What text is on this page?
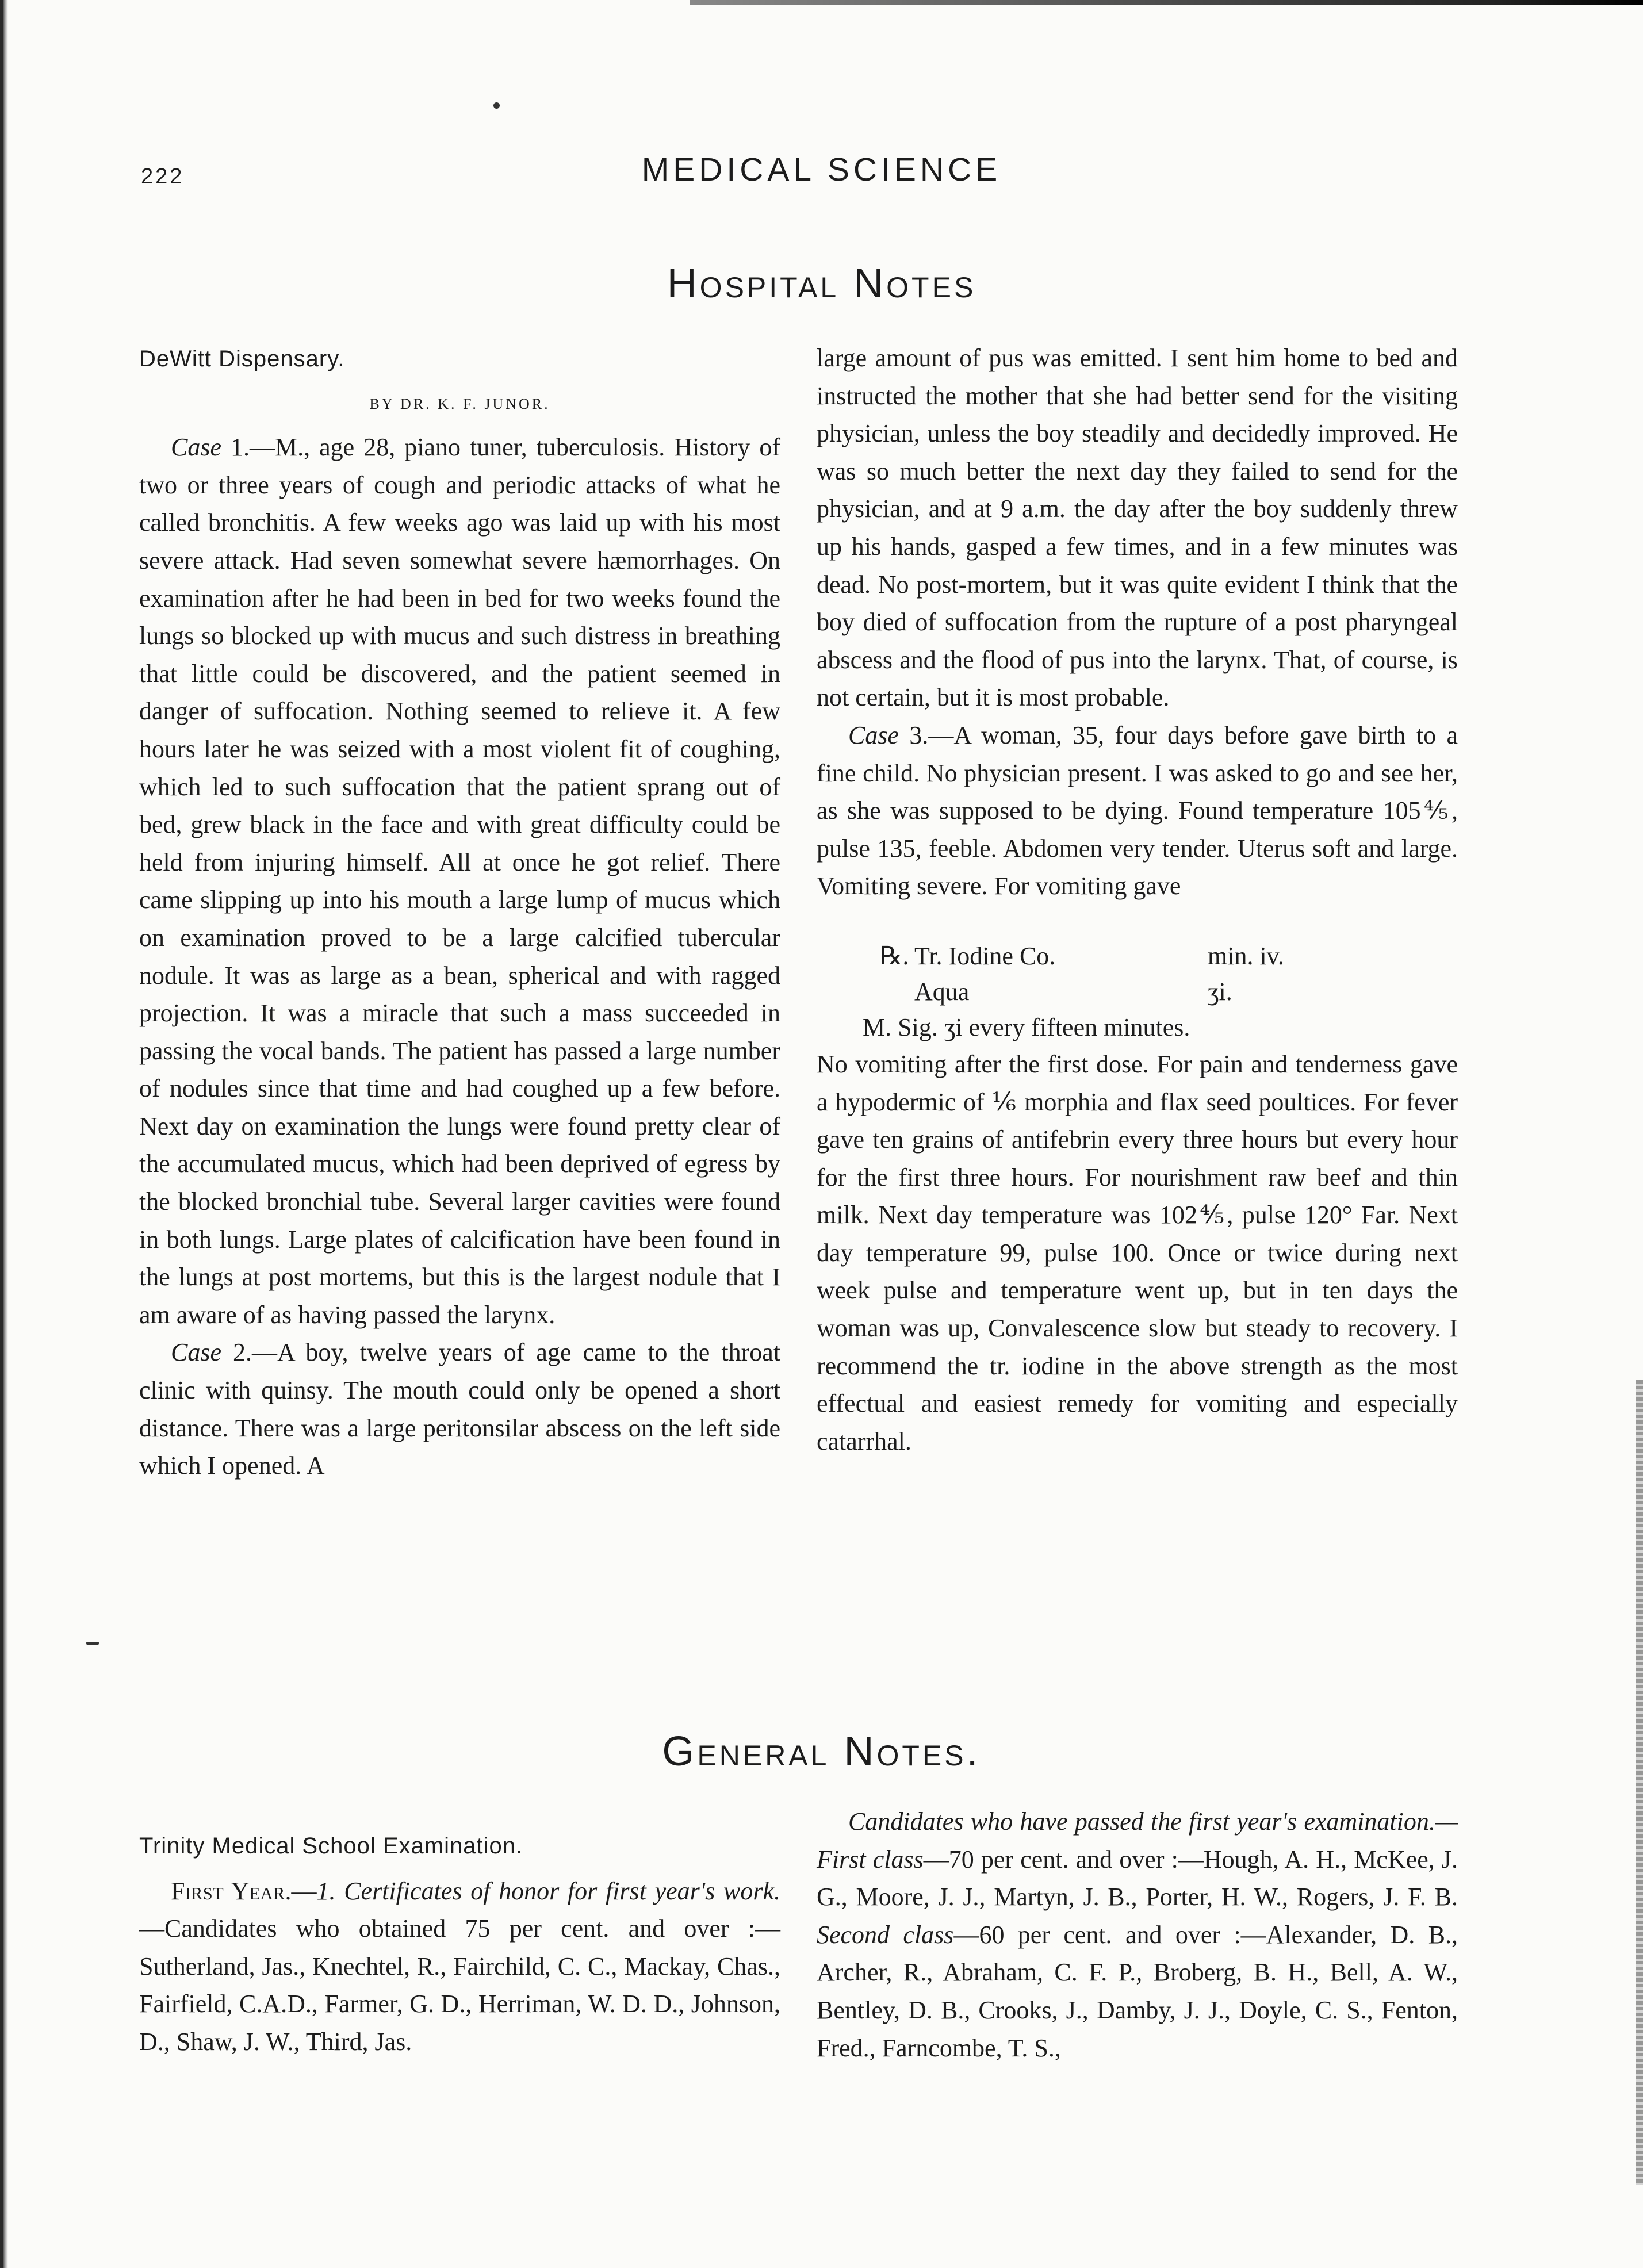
222	MEDICAL SCIENCE
Hospital Notes
DeWitt Dispensary.
BY DR. K. F. JUNOR.

Case 1.—M., age 28, piano tuner, tuberculosis. History of two or three years of cough and periodic attacks of what he called bronchitis. A few weeks ago was laid up with his most severe attack. Had seven somewhat severe hæmorrhages. On examination after he had been in bed for two weeks found the lungs so blocked up with mucus and such distress in breathing that little could be discovered, and the patient seemed in danger of suffocation. Nothing seemed to relieve it. A few hours later he was seized with a most violent fit of coughing, which led to such suffocation that the patient sprang out of bed, grew black in the face and with great difficulty could be held from injuring himself. All at once he got relief. There came slipping up into his mouth a large lump of mucus which on examination proved to be a large calcified tubercular nodule. It was as large as a bean, spherical and with ragged projection. It was a miracle that such a mass succeeded in passing the vocal bands. The patient has passed a large number of nodules since that time and had coughed up a few before. Next day on examination the lungs were found pretty clear of the accumulated mucus, which had been deprived of egress by the blocked bronchial tube. Several larger cavities were found in both lungs. Large plates of calcification have been found in the lungs at post mortems, but this is the largest nodule that I am aware of as having passed the larynx.

Case 2.—A boy, twelve years of age came to the throat clinic with quinsy. The mouth could only be opened a short distance. There was a large peritonsilar abscess on the left side which I opened. A

large amount of pus was emitted. I sent him home to bed and instructed the mother that she had better send for the visiting physician, unless the boy steadily and decidedly improved. He was so much better the next day they failed to send for the physician, and at 9 a.m. the day after the boy suddenly threw up his hands, gasped a few times, and in a few minutes was dead. No post-mortem, but it was quite evident I think that the boy died of suffocation from the rupture of a post pharyngeal abscess and the flood of pus into the larynx. That, of course, is not certain, but it is most probable.

Case 3.—A woman, 35, four days before gave birth to a fine child. No physician present. I was asked to go and see her, as she was supposed to be dying. Found temperature 105⅘, pulse 135, feeble. Abdomen very tender. Uterus soft and large. Vomiting severe. For vomiting gave

℞. Tr. Iodine Co.	min. iv.
Aqua	ʒi.
M. Sig. ʒi every fifteen minutes.

No vomiting after the first dose. For pain and tenderness gave a hypodermic of ⅙ morphia and flax seed poultices. For fever gave ten grains of antifebrin every three hours but every hour for the first three hours. For nourishment raw beef and thin milk. Next day temperature was 102⅘, pulse 120° Far. Next day temperature 99, pulse 100. Once or twice during next week pulse and temperature went up, but in ten days the woman was up, Convalescence slow but steady to recovery. I recommend the tr. iodine in the above strength as the most effectual and easiest remedy for vomiting and especially catarrhal.

General Notes.
Trinity Medical School Examination.

First Year.—1. Certificates of honor for first year's work.—Candidates who obtained 75 per cent. and over :—Sutherland, Jas., Knechtel, R., Fairchild, C. C., Mackay, Chas., Fairfield, C.A.D., Farmer, G. D., Herriman, W. D. D., Johnson, D., Shaw, J. W., Third, Jas.

Candidates who have passed the first year's examination.—First class—70 per cent. and over :—Hough, A. H., McKee, J. G., Moore, J. J., Martyn, J. B., Porter, H. W., Rogers, J. F. B. Second class—60 per cent. and over :—Alexander, D. B., Archer, R., Abraham, C. F. P., Broberg, B. H., Bell, A. W., Bentley, D. B., Crooks, J., Damby, J. J., Doyle, C. S., Fenton, Fred., Farncombe, T. S.,
